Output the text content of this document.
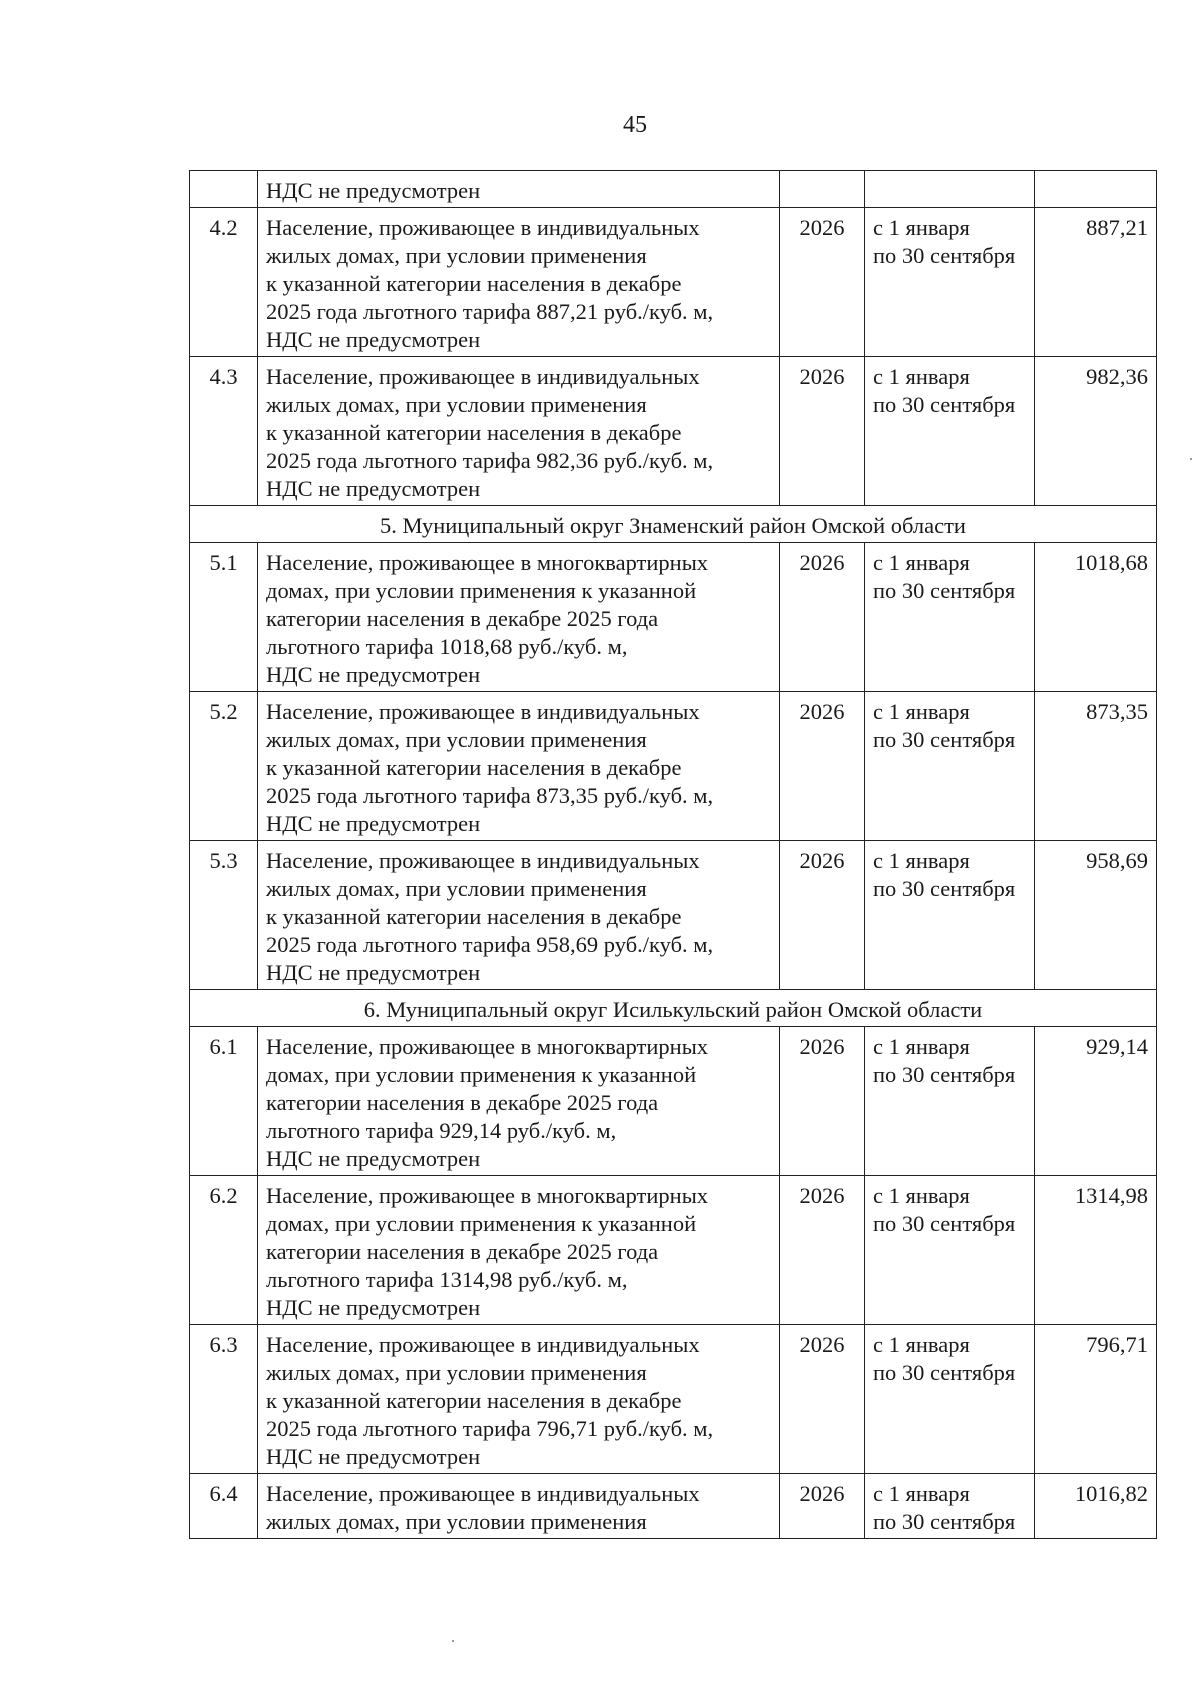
45

	НДС не предусмотрен			

4.2	Население, проживающее в индивидуальных
жилых домах, при условии применения
к указанной категории населения в декабре
2025 года льготного тарифа 887,21 руб./куб. м,
НДС не предусмотрен	2026	с 1 января
по 30 сентября	887,21
4.3	Население, проживающее в индивидуальных
жилых домах, при условии применения
к указанной категории населения в декабре
2025 года льготного тарифа 982,36 руб./куб. м,
НДС не предусмотрен	2026	с 1 января
по 30 сентября	982,36
5. Муниципальный округ Знаменский район Омской области				
5.1	Население, проживающее в многоквартирных
домах, при условии применения к указанной
категории населения в декабре 2025 года
льготного тарифа 1018,68 руб./куб. м,
НДС не предусмотрен	2026	с 1 января
по 30 сентября	1018,68
5.2	Население, проживающее в индивидуальных
жилых домах, при условии применения
к указанной категории населения в декабре
2025 года льготного тарифа 873,35 руб./куб. м,
НДС не предусмотрен	2026	с 1 января
по 30 сентября	873,35
5.3	Население, проживающее в индивидуальных
жилых домах, при условии применения
к указанной категории населения в декабре
2025 года льготного тарифа 958,69 руб./куб. м,
НДС не предусмотрен	2026	с 1 января
по 30 сентября	958,69
6. Муниципальный округ Исилькульский район Омской области				
6.1	Население, проживающее в многоквартирных
домах, при условии применения к указанной
категории населения в декабре 2025 года
льготного тарифа 929,14 руб./куб. м,
НДС не предусмотрен	2026	с 1 января
по 30 сентября	929,14
6.2	Население, проживающее в многоквартирных
домах, при условии применения к указанной
категории населения в декабре 2025 года
льготного тарифа 1314,98 руб./куб. м,
НДС не предусмотрен	2026	с 1 января
по 30 сентября	1314,98
6.3	Население, проживающее в индивидуальных
жилых домах, при условии применения
к указанной категории населения в декабре
2025 года льготного тарифа 796,71 руб./куб. м,
НДС не предусмотрен	2026	с 1 января
по 30 сентября	796,71
6.4	Население, проживающее в индивидуальных
жилых домах, при условии применения	2026	с 1 января
по 30 сентября	1016,82
